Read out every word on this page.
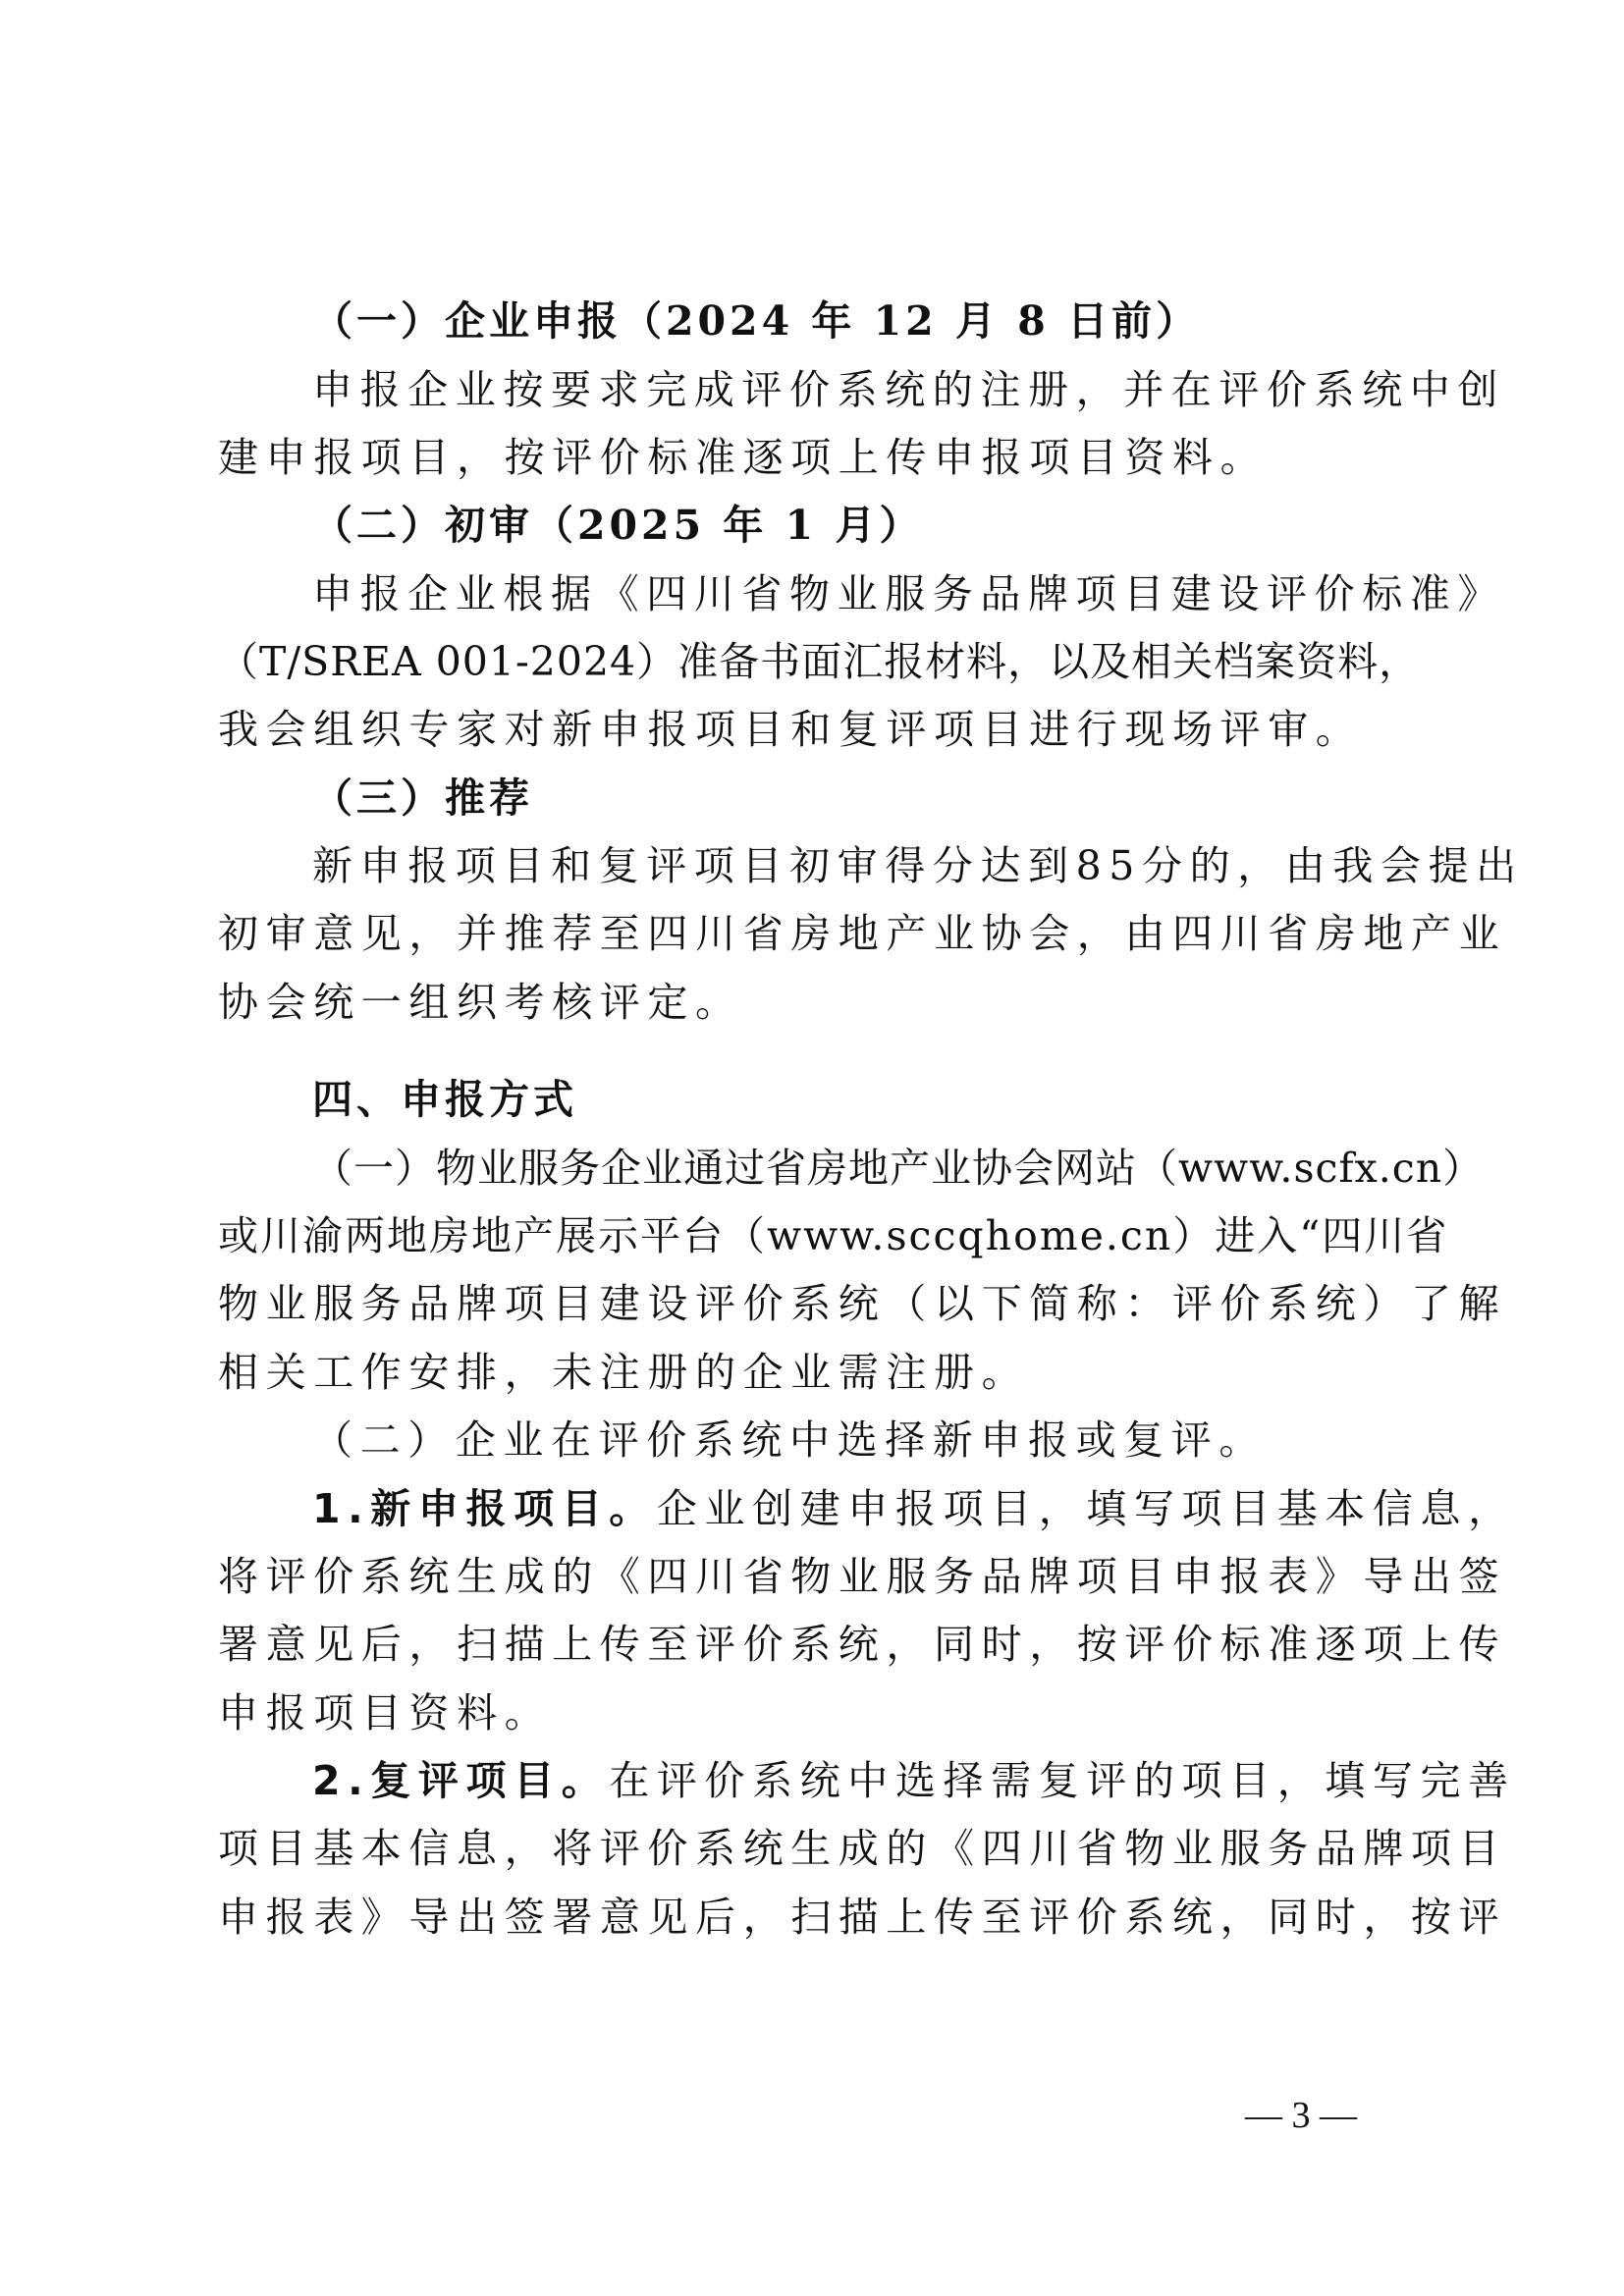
（一）企业申报（2024 年 12 月 8 日前）
申报企业按要求完成评价系统的注册，并在评价系统中创
建申报项目，按评价标准逐项上传申报项目资料。
（二）初审（2025 年 1 月）
申报企业根据《四川省物业服务品牌项目建设评价标准》
（T/SREA 001-2024）准备书面汇报材料，以及相关档案资料，
我会组织专家对新申报项目和复评项目进行现场评审。
（三）推荐
新申报项目和复评项目初审得分达到85分的，由我会提出
初审意见，并推荐至四川省房地产业协会，由四川省房地产业
协会统一组织考核评定。
四、申报方式
（一）物业服务企业通过省房地产业协会网站（www.scfx.cn）
或川渝两地房地产展示平台（www.sccqhome.cn）进入“四川省
物业服务品牌项目建设评价系统（以下简称：评价系统）了解
相关工作安排，未注册的企业需注册。
（二）企业在评价系统中选择新申报或复评。
1.新申报项目。企业创建申报项目，填写项目基本信息，
将评价系统生成的《四川省物业服务品牌项目申报表》导出签
署意见后，扫描上传至评价系统，同时，按评价标准逐项上传
申报项目资料。
2.复评项目。在评价系统中选择需复评的项目，填写完善
项目基本信息，将评价系统生成的《四川省物业服务品牌项目
申报表》导出签署意见后，扫描上传至评价系统，同时，按评
— 3 —
